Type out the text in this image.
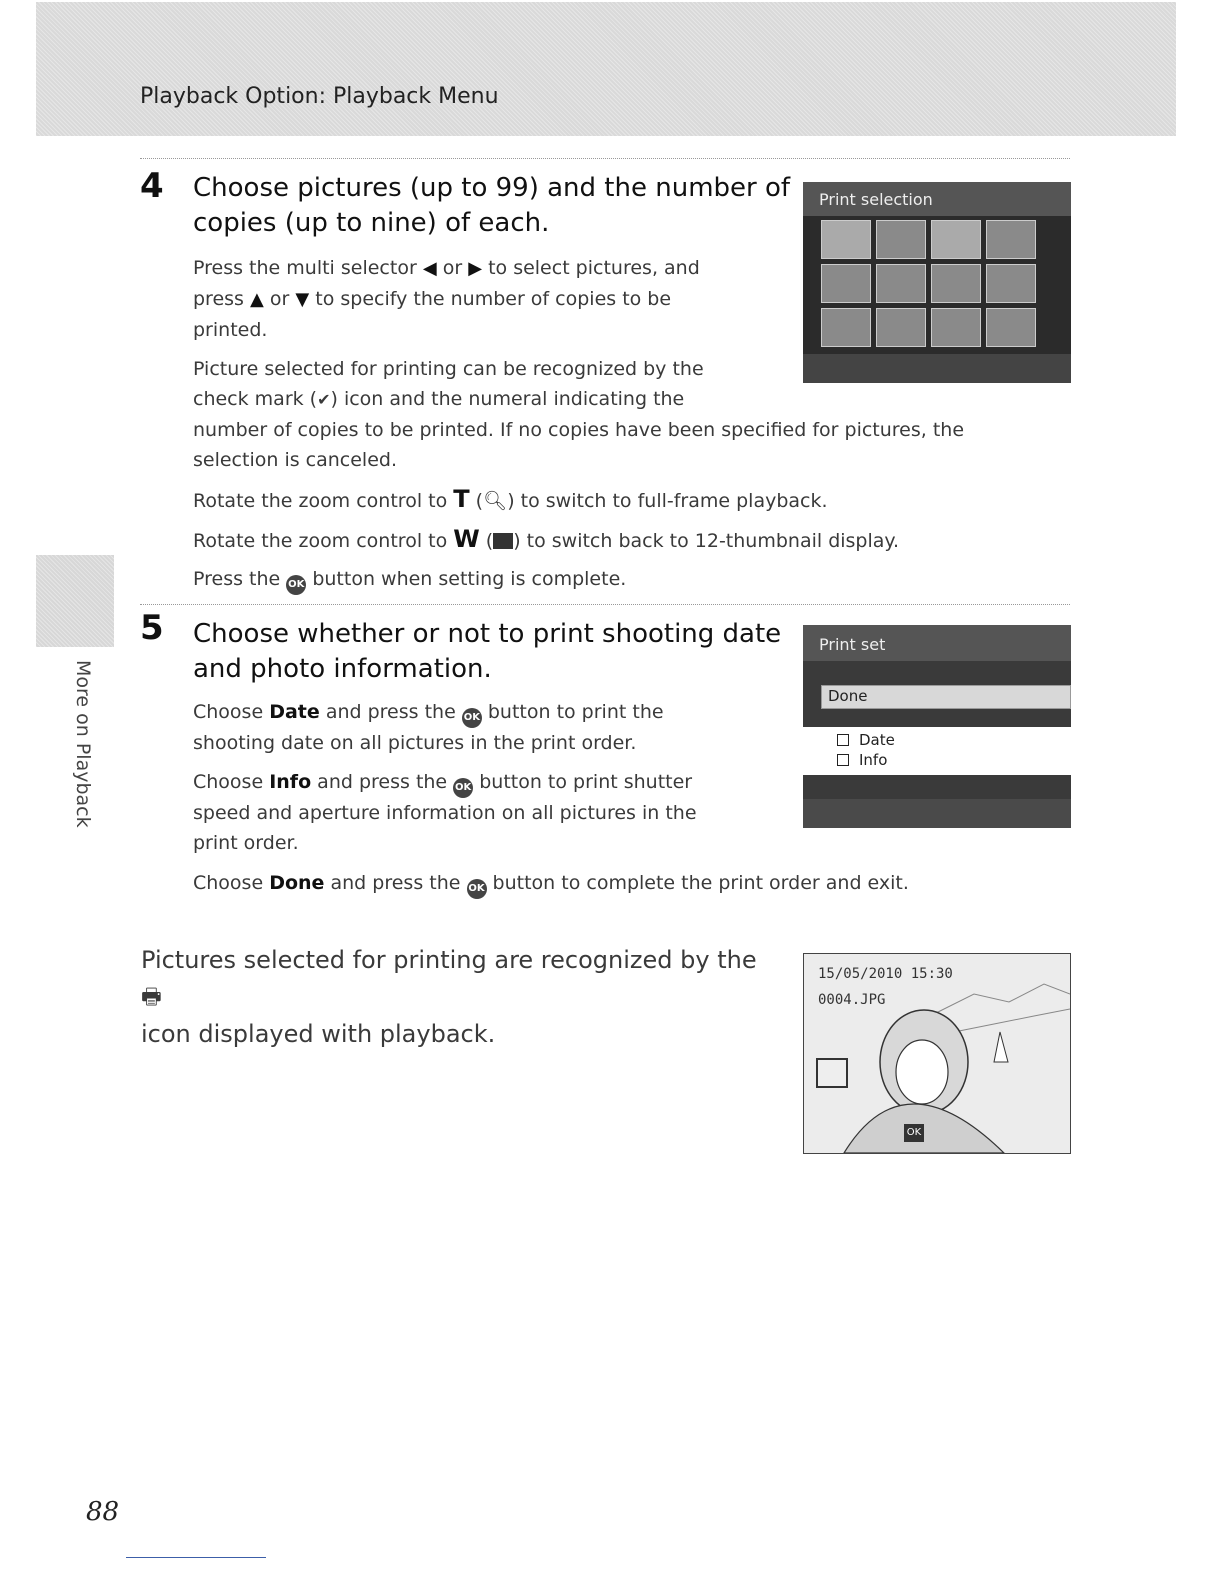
Playback Option: Playback Menu
More on Playback
4 Choose pictures (up to 99) and the number of
copies (up to nine) of each.
Press the multi selector ◀ or ▶ to select pictures, and
press ▲ or ▼ to specify the number of copies to be
printed.
Picture selected for printing can be recognized by the
check mark (✔) icon and the numeral indicating the
number of copies to be printed. If no copies have been specified for pictures, the
selection is canceled.
Rotate the zoom control to T (🔍︎) to switch to full-frame playback.
Rotate the zoom control to W ( ) to switch back to 12-thumbnail display.
Press the OK button when setting is complete.
Print selection
5 Choose whether or not to print shooting date
and photo information.
Choose Date and press the OK button to print the
shooting date on all pictures in the print order.
Choose Info and press the OK button to print shutter
speed and aperture information on all pictures in the
print order.
Choose Done and press the OK button to complete the print order and exit.
Print set
Done
Date
Info
Pictures selected for printing are recognized by the 🖶
icon displayed with playback.
15/05/2010 15:30
0004.JPG
OK
88
